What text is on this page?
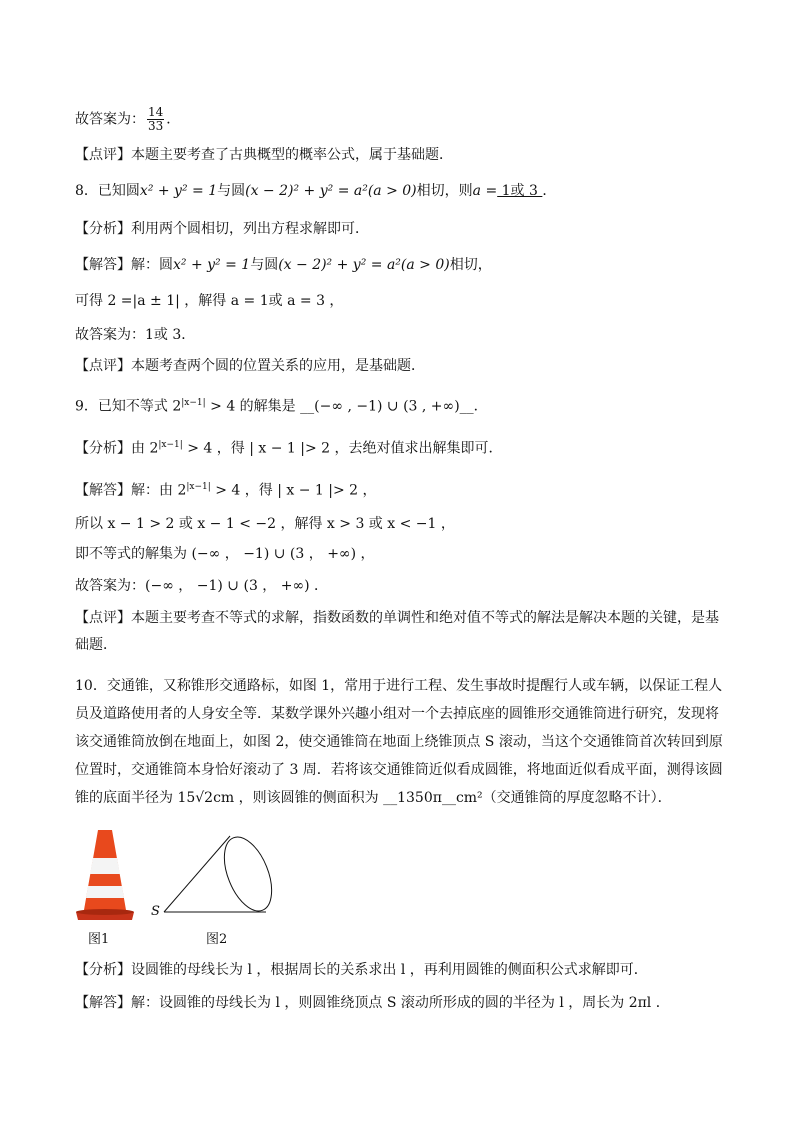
故答案为： $\frac{14}{33}$ ．
【点评】本题主要考查了古典概型的概率公式，属于基础题．
8．已知圆x² + y² = 1与圆(x − 2)² + y² = a²(a > 0)相切，则a = 1或 3 ．
【分析】利用两个圆相切，列出方程求解即可．
【解答】解：圆x² + y² = 1与圆(x − 2)² + y² = a²(a > 0)相切，
可得 2 =|a ± 1| ，解得 a = 1或 a = 3 ，
故答案为：1或 3．
【点评】本题考查两个圆的位置关系的应用，是基础题．
9．已知不等式 $2^{|x-1|} > 4$ 的解集是 __(−∞ , −1) ∪ (3 , +∞)__．
【分析】由 $2^{|x-1|} > 4$ ，得 | x − 1 |> 2 ，去绝对值求出解集即可．
【解答】解：由 $2^{|x-1|} > 4$ ，得 | x − 1 |> 2 ，
所以 x − 1 > 2 或 x − 1 < −2 ，解得 x > 3 或 x < −1 ，
即不等式的解集为 (−∞ ， −1) ∪ (3 ， +∞) ，
故答案为：(−∞ ， −1) ∪ (3 ， +∞) ．
【点评】本题主要考查不等式的求解，指数函数的单调性和绝对值不等式的解法是解决本题的关键，是基础题．
10．交通锥，又称锥形交通路标，如图 1，常用于进行工程、发生事故时提醒行人或车辆，以保证工程人员及道路使用者的人身安全等．某数学课外兴趣小组对一个去掉底座的圆锥形交通锥筒进行研究，发现将该交通锥筒放倒在地面上，如图 2，使交通锥筒在地面上绕锥顶点 S 滚动，当这个交通锥筒首次转回到原位置时，交通锥筒本身恰好滚动了 3 周．若将该交通锥筒近似看成圆锥，将地面近似看成平面，测得该圆锥的底面半径为 15√2cm ，则该圆锥的侧面积为 __1350π__cm²（交通锥筒的厚度忽略不计）．
图1
S
图2
【分析】设圆锥的母线长为 l ，根据周长的关系求出 l ，再利用圆锥的侧面积公式求解即可．
【解答】解：设圆锥的母线长为 l ，则圆锥绕顶点 S 滚动所形成的圆的半径为 l ，周长为 2πl ．
